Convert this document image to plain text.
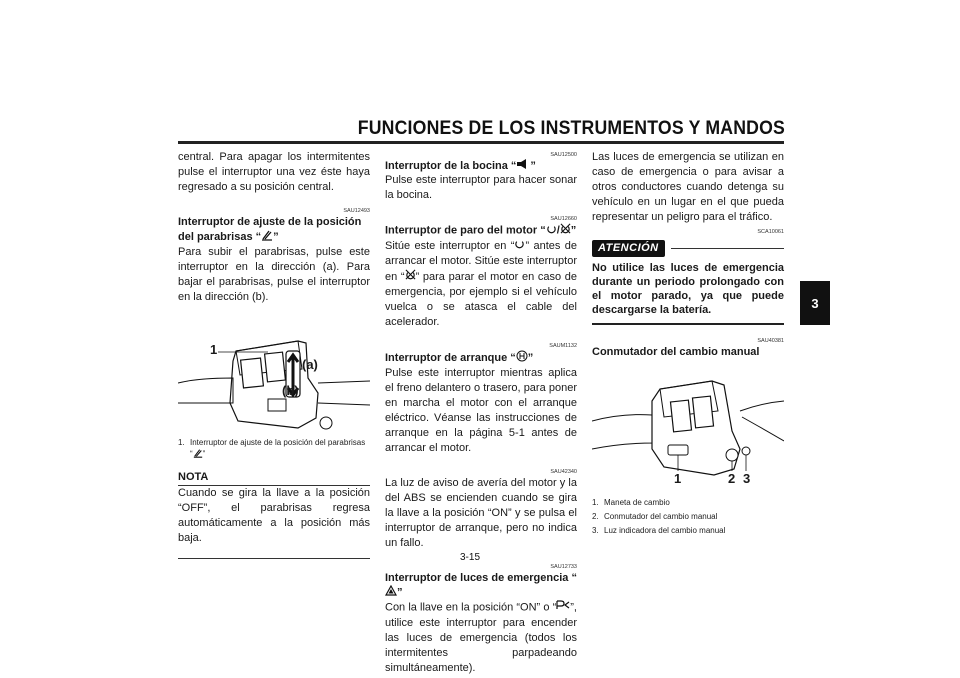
FUNCIONES DE LOS INSTRUMENTOS Y MANDOS
3

central. Para apagar los intermitentes pulse el interruptor una vez éste haya regresado a su posición central.

SAU12493

Interruptor de ajuste de la posición del parabrisas “ ”

Para subir el parabrisas, pulse este interruptor en la dirección (a). Para bajar el parabrisas, pulse el interruptor en la dirección (b).

1
(a)
(b)
1. Interruptor de ajuste de la posición del parabrisas “ ”
NOTA

Cuando se gira la llave a la posición “OFF”, el parabrisas regresa automáticamente a la posición más baja.

SAU12500

Interruptor de la bocina “ ”

Pulse este interruptor para hacer sonar la bocina.

SAU12660

Interruptor de paro del motor “ / ”

Sitúe este interruptor en “ ” antes de arrancar el motor. Sitúe este interruptor en “ ” para parar el motor en caso de emergencia, por ejemplo si el vehículo vuelca o se atasca el cable del acelerador.

SAUM1132

Interruptor de arranque “ ”

Pulse este interruptor mientras aplica el freno delantero o trasero, para poner en marcha el motor con el arranque eléctrico. Véanse las instrucciones de arranque en la página 5-1 antes de arrancar el motor.

SAU42340

La luz de aviso de avería del motor y la del ABS se encienden cuando se gira la llave a la posición “ON” y se pulsa el interruptor de arranque, pero no indica un fallo.

SAU12733

Interruptor de luces de emergencia “”

Con la llave en la posición “ON” o “ ”, utilice este interruptor para encender las luces de emergencia (todos los intermitentes parpadeando simultáneamente).

Las luces de emergencia se utilizan en caso de emergencia o para avisar a otros conductores cuando detenga su vehículo en un lugar en el que pueda representar un peligro para el tráfico.

SCA10061
ATENCIÓN

No utilice las luces de emergencia durante un periodo prolongado con el motor parado, ya que puede descargarse la batería.

SAU40381

Conmutador del cambio manual

1	2 3
1. Maneta de cambio
2. Conmutador del cambio manual
3. Luz indicadora del cambio manual
3-15
